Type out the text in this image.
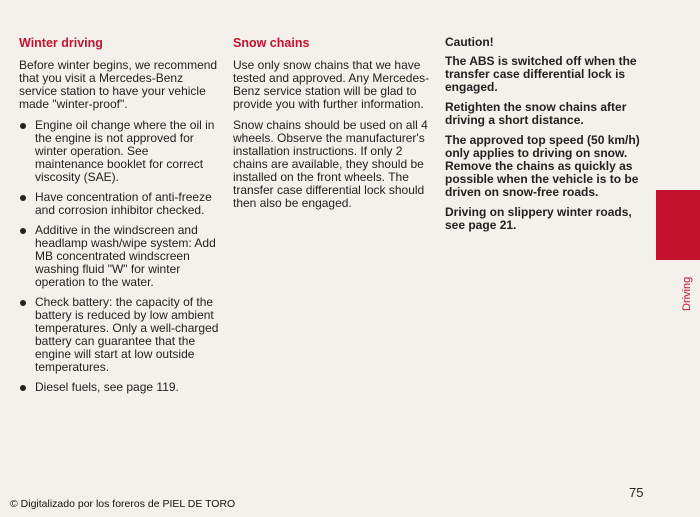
Winter driving

Before winter begins, we recommend that you visit a Mercedes-Benz service station to have your vehicle made "winter-proof".

Engine oil change where the oil in the engine is not approved for winter operation. See maintenance booklet for correct viscosity (SAE).
Have concentration of anti-freeze and corrosion inhibitor checked.
Additive in the windscreen and headlamp wash/wipe system: Add MB concentrated windscreen washing fluid "W" for winter operation to the water.
Check battery: the capacity of the battery is reduced by low ambient temperatures. Only a well-charged battery can guarantee that the engine will start at low outside temperatures.
Diesel fuels, see page 119.
Snow chains

Use only snow chains that we have tested and approved. Any Mercedes-Benz service station will be glad to provide you with further information.

Snow chains should be used on all 4 wheels. Observe the manufacturer's installation instructions. If only 2 chains are available, they should be installed on the front wheels. The transfer case differential lock should then also be engaged.

Caution!

The ABS is switched off when the transfer case differential lock is engaged.

Retighten the snow chains after driving a short distance.

The approved top speed (50 km/h) only applies to driving on snow. Remove the chains as quickly as possible when the vehicle is to be driven on snow-free roads.

Driving on slippery winter roads, see page 21.

Driving
75
© Digitalizado por los foreros de PIEL DE TORO
